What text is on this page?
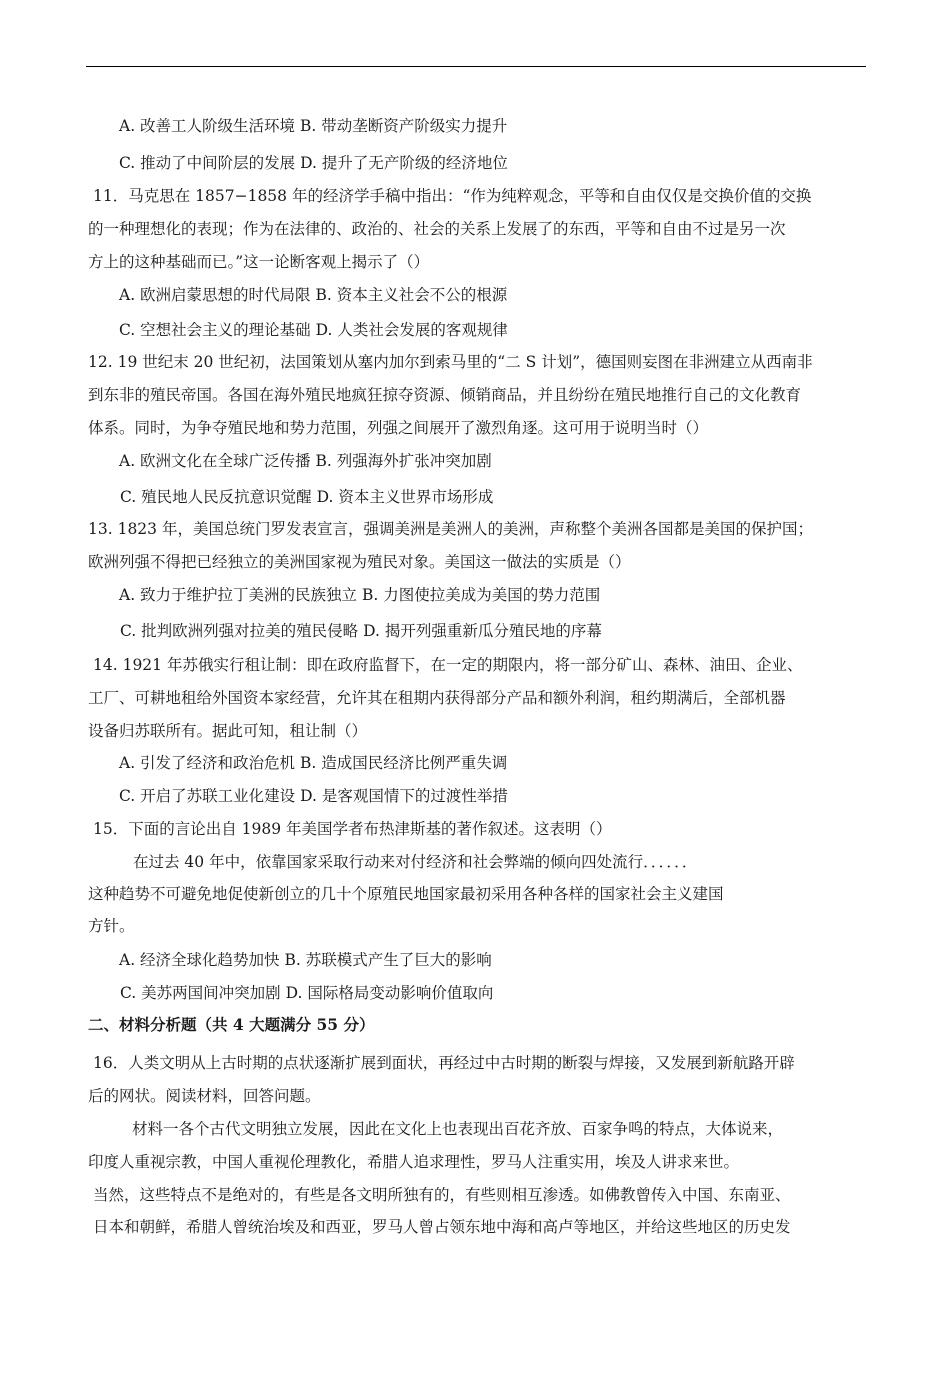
A. 改善工人阶级生活环境 B. 带动垄断资产阶级实力提升
C. 推动了中间阶层的发展 D. 提升了无产阶级的经济地位
11．马克思在 1857−1858 年的经济学手稿中指出：“作为纯粹观念，平等和自由仅仅是交换价值的交换
的一种理想化的表现；作为在法律的、政治的、社会的关系上发展了的东西，平等和自由不过是另一次
方上的这种基础而已。”这一论断客观上揭示了（）
A. 欧洲启蒙思想的时代局限 B. 资本主义社会不公的根源
C. 空想社会主义的理论基础 D. 人类社会发展的客观规律
12. 19 世纪末 20 世纪初，法国策划从塞内加尔到索马里的“二 S 计划”，德国则妄图在非洲建立从西南非
到东非的殖民帝国。各国在海外殖民地疯狂掠夺资源、倾销商品，并且纷纷在殖民地推行自己的文化教育
体系。同时，为争夺殖民地和势力范围，列强之间展开了激烈角逐。这可用于说明当时（）
A. 欧洲文化在全球广泛传播 B. 列强海外扩张冲突加剧
C. 殖民地人民反抗意识觉醒 D. 资本主义世界市场形成
13. 1823 年，美国总统门罗发表宣言，强调美洲是美洲人的美洲，声称整个美洲各国都是美国的保护国；
欧洲列强不得把已经独立的美洲国家视为殖民对象。美国这一做法的实质是（）
A. 致力于维护拉丁美洲的民族独立 B. 力图使拉美成为美国的势力范围
C. 批判欧洲列强对拉美的殖民侵略 D. 揭开列强重新瓜分殖民地的序幕
14. 1921 年苏俄实行租让制：即在政府监督下，在一定的期限内，将一部分矿山、森林、油田、企业、
工厂、可耕地租给外国资本家经营，允许其在租期内获得部分产品和额外利润，租约期满后，全部机器
设备归苏联所有。据此可知，租让制（）
A. 引发了经济和政治危机 B. 造成国民经济比例严重失调
C. 开启了苏联工业化建设 D. 是客观国情下的过渡性举措
15．下面的言论出自 1989 年美国学者布热津斯基的著作叙述。这表明（）
在过去 40 年中，依靠国家采取行动来对付经济和社会弊端的倾向四处流行．．．．．．
这种趋势不可避免地促使新创立的几十个原殖民地国家最初采用各种各样的国家社会主义建国
方针。
A. 经济全球化趋势加快 B. 苏联模式产生了巨大的影响
C. 美苏两国间冲突加剧 D. 国际格局变动影响价值取向
二、材料分析题（共 4 大题满分 55 分）
16．人类文明从上古时期的点状逐渐扩展到面状，再经过中古时期的断裂与焊接，又发展到新航路开辟
后的网状。阅读材料，回答问题。
材料一各个古代文明独立发展，因此在文化上也表现出百花齐放、百家争鸣的特点，大体说来，
印度人重视宗教，中国人重视伦理教化，希腊人追求理性，罗马人注重实用，埃及人讲求来世。
当然，这些特点不是绝对的，有些是各文明所独有的，有些则相互渗透。如佛教曾传入中国、东南亚、
日本和朝鲜，希腊人曾统治埃及和西亚，罗马人曾占领东地中海和高卢等地区，并给这些地区的历史发
